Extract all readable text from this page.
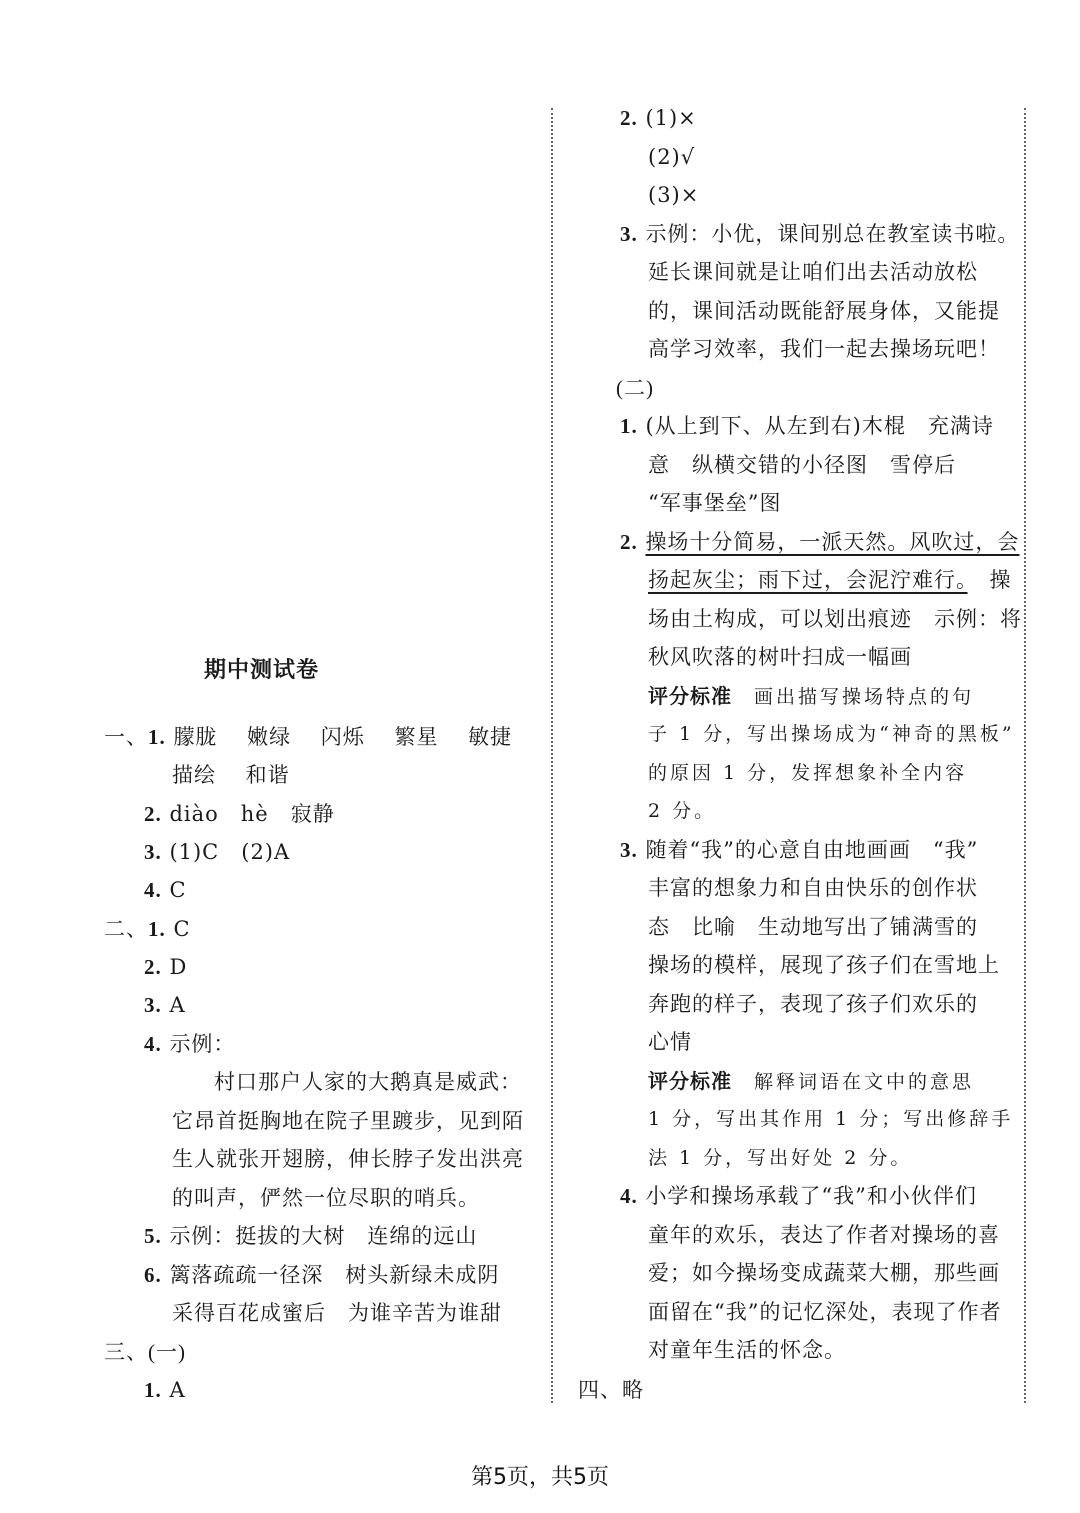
期中测试卷
一、1. 朦胧　 嫩绿　 闪烁　 繁星　 敏捷
描绘　 和谐
2. diào　hè　寂静
3. (1)C　(2)A
4. C
二、1. C
2. D
3. A
4. 示例：
村口那户人家的大鹅真是威武：
它昂首挺胸地在院子里踱步，见到陌
生人就张开翅膀，伸长脖子发出洪亮
的叫声，俨然一位尽职的哨兵。
5. 示例：挺拔的大树　连绵的远山
6. 篱落疏疏一径深　树头新绿未成阴
采得百花成蜜后　为谁辛苦为谁甜
三、(一)
1. A
2. (1)×
(2)√
(3)×
3. 示例：小优，课间别总在教室读书啦。
延长课间就是让咱们出去活动放松
的，课间活动既能舒展身体，又能提
高学习效率，我们一起去操场玩吧！
(二)
1. (从上到下、从左到右)木棍　充满诗
意　纵横交错的小径图　雪停后
“军事堡垒”图
2. 操场十分简易，一派天然。风吹过，会
扬起灰尘；雨下过，会泥泞难行。　操
场由土构成，可以划出痕迹　示例：将
秋风吹落的树叶扫成一幅画
评分标准　 画出描写操场特点的句
子 1 分，写出操场成为“神奇的黑板”
的原因 1 分，发挥想象补全内容
2 分。
3. 随着“我”的心意自由地画画　“我”
丰富的想象力和自由快乐的创作状
态　比喻　生动地写出了铺满雪的
操场的模样，展现了孩子们在雪地上
奔跑的样子，表现了孩子们欢乐的
心情
评分标准　 解释词语在文中的意思
1 分，写出其作用 1 分；写出修辞手
法 1 分，写出好处 2 分。
4. 小学和操场承载了“我”和小伙伴们
童年的欢乐，表达了作者对操场的喜
爱；如今操场变成蔬菜大棚，那些画
面留在“我”的记忆深处，表现了作者
对童年生活的怀念。
四、略
第5页，共5页
